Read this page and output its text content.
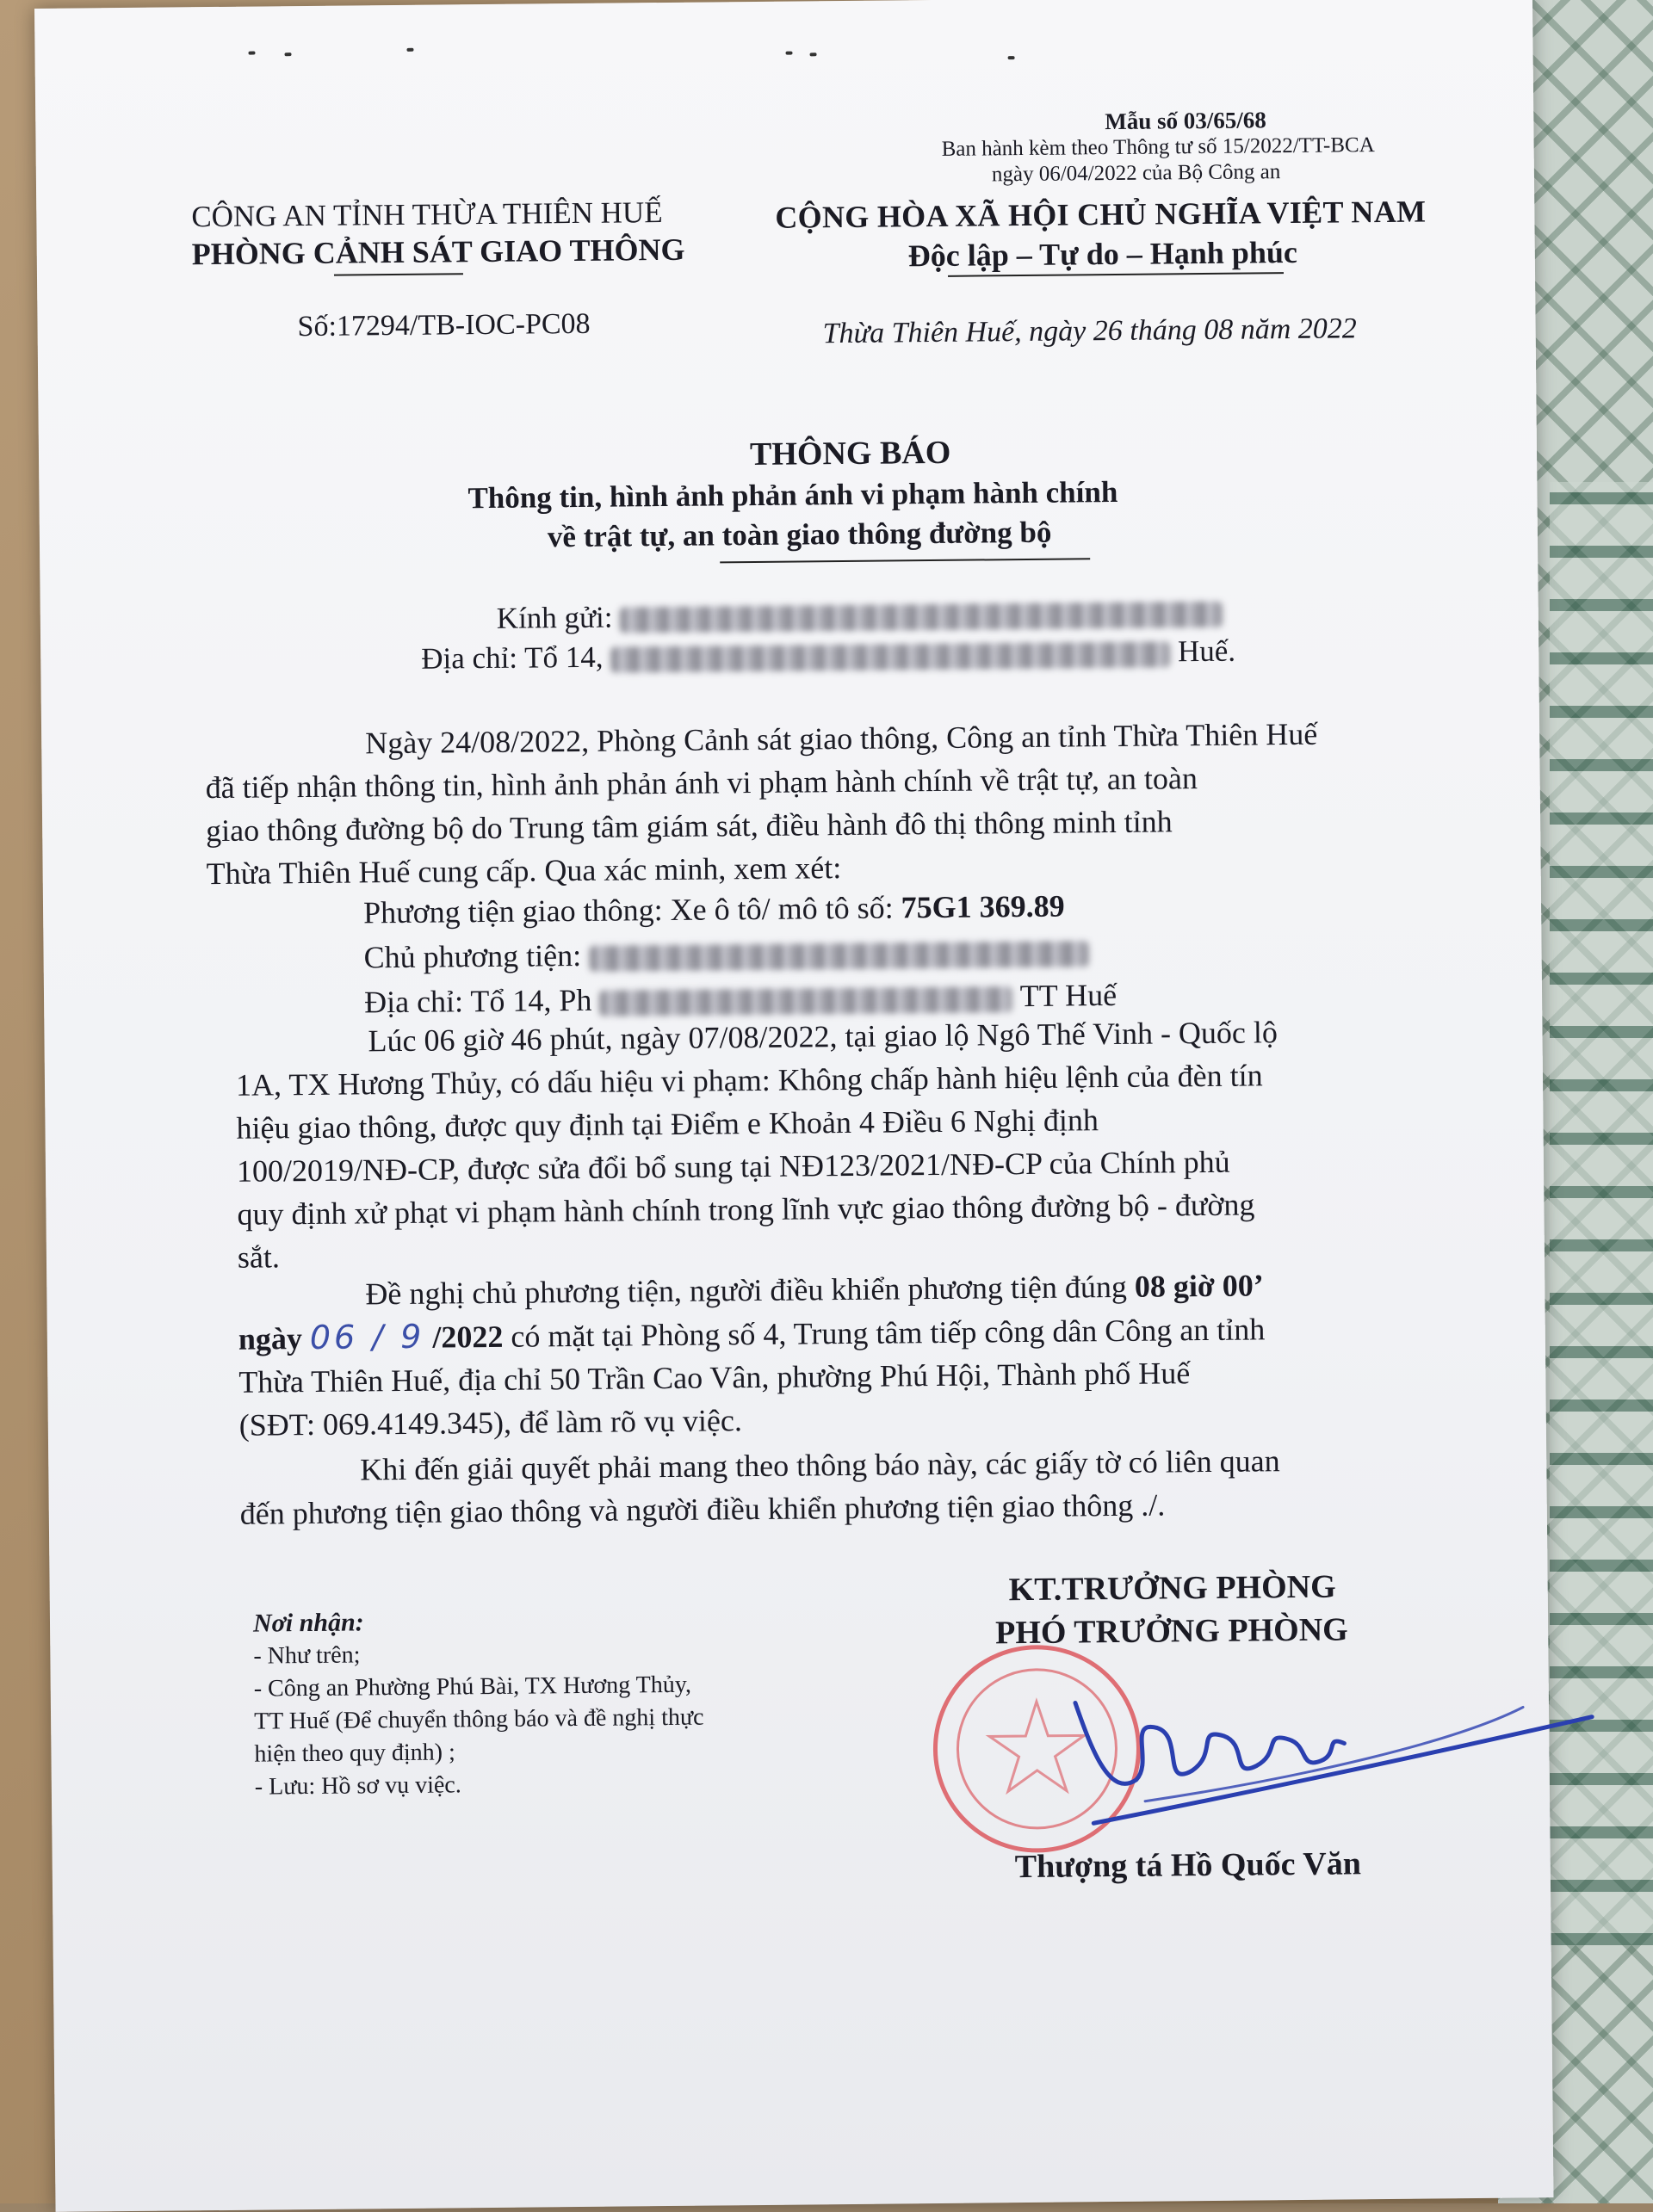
Mẫu số 03/65/68
Ban hành kèm theo Thông tư số 15/2022/TT-BCA
ngày 06/04/2022 của Bộ Công an
CÔNG AN TỈNH THỪA THIÊN HUẾ
PHÒNG CẢNH SÁT GIAO THÔNG
CỘNG HÒA XÃ HỘI CHỦ NGHĨA VIỆT NAM
Độc lập – Tự do – Hạnh phúc
Số:17294/TB-IOC-PC08	Thừa Thiên Huế, ngày 26 tháng 08 năm 2022
THÔNG BÁO
Thông tin, hình ảnh phản ánh vi phạm hành chính
về trật tự, an toàn giao thông đường bộ
Kính gửi:
Địa chỉ: Tổ 14,	Huế.
Ngày 24/08/2022, Phòng Cảnh sát giao thông, Công an tỉnh Thừa Thiên Huế
đã tiếp nhận thông tin, hình ảnh phản ánh vi phạm hành chính về trật tự, an toàn
giao thông đường bộ do Trung tâm giám sát, điều hành đô thị thông minh tỉnh
Thừa Thiên Huế cung cấp. Qua xác minh, xem xét:
Phương tiện giao thông: Xe ô tô/ mô tô số: 75G1 369.89
Chủ phương tiện:
Địa chỉ: Tổ 14, Ph	TT Huế
Lúc 06 giờ 46 phút, ngày 07/08/2022, tại giao lộ Ngô Thế Vinh - Quốc lộ
1A, TX Hương Thủy, có dấu hiệu vi phạm: Không chấp hành hiệu lệnh của đèn tín
hiệu giao thông, được quy định tại Điểm e Khoản 4 Điều 6 Nghị định
100/2019/NĐ-CP, được sửa đổi bổ sung tại NĐ123/2021/NĐ-CP của Chính phủ
quy định xử phạt vi phạm hành chính trong lĩnh vực giao thông đường bộ - đường
sắt.
Đề nghị chủ phương tiện, người điều khiển phương tiện đúng 08 giờ 00’
ngày 06 / 9 /2022 có mặt tại Phòng số 4, Trung tâm tiếp công dân Công an tỉnh
Thừa Thiên Huế, địa chỉ 50 Trần Cao Vân, phường Phú Hội, Thành phố Huế
(SĐT: 069.4149.345), để làm rõ vụ việc.
Khi đến giải quyết phải mang theo thông báo này, các giấy tờ có liên quan
đến phương tiện giao thông và người điều khiển phương tiện giao thông ./.
Nơi nhận:
- Như trên;
- Công an Phường Phú Bài, TX Hương Thủy,
TT Huế (Để chuyển thông báo và đề nghị thực
hiện theo quy định) ;
- Lưu: Hồ sơ vụ việc.
KT.TRƯỞNG PHÒNG
PHÓ TRƯỞNG PHÒNG
Thượng tá Hồ Quốc Văn
